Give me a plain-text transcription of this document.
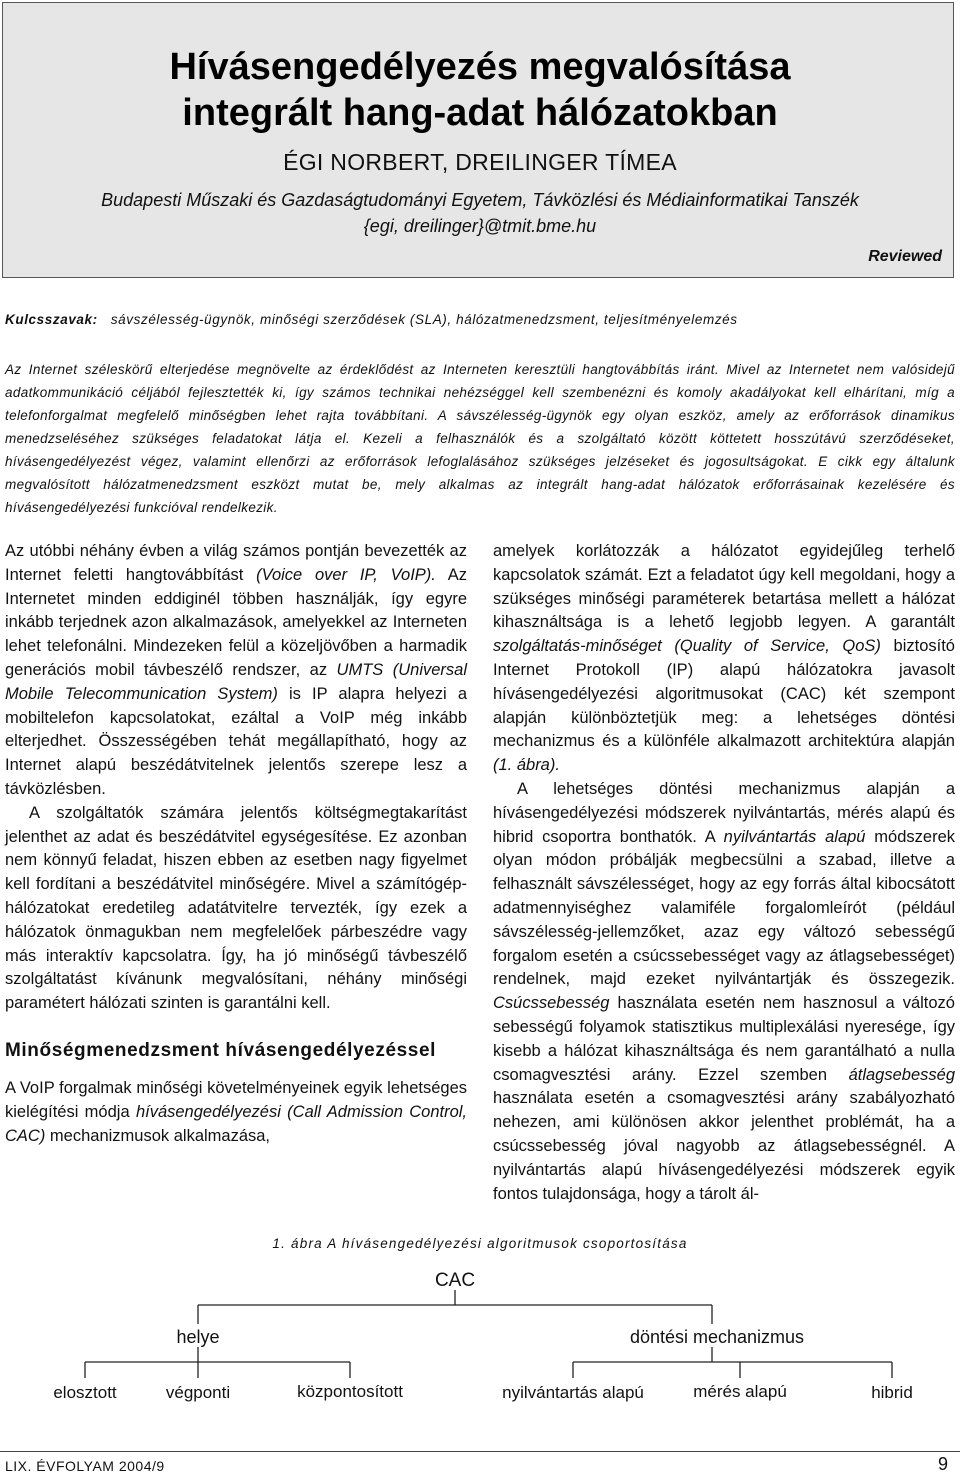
Hívásengedélyezés megvalósítása
integrált hang-adat hálózatokban
ÉGI NORBERT, DREILINGER TÍMEA
Budapesti Műszaki és Gazdaságtudományi Egyetem, Távközlési és Médiainformatikai Tanszék
{egi, dreilinger}@tmit.bme.hu
Reviewed
Kulcsszavak: sávszélesség-ügynök, minőségi szerződések (SLA), hálózatmenedzsment, teljesítményelemzés
Az Internet széleskörű elterjedése megnövelte az érdeklődést az Interneten keresztüli hangtovábbítás iránt. Mivel az Internetet nem valósidejű adatkommunikáció céljából fejlesztették ki, így számos technikai nehézséggel kell szembenézni és komoly akadályokat kell elhárítani, míg a telefonforgalmat megfelelő minőségben lehet rajta továbbítani. A sávszélesség-ügynök egy olyan eszköz, amely az erőforrások dinamikus menedzseléséhez szükséges feladatokat látja el. Kezeli a felhasználók és a szolgáltató között köttetett hosszútávú szerződéseket, hívásengedélyezést végez, valamint ellenőrzi az erőforrások lefoglalásához szükséges jelzéseket és jogosultságokat. E cikk egy általunk megvalósított hálózatmenedzsment eszközt mutat be, mely alkalmas az integrált hang-adat hálózatok erőforrásainak kezelésére és hívásengedélyezési funkcióval rendelkezik.

Az utóbbi néhány évben a világ számos pontján bevezették az Internet feletti hangtovábbítást (Voice over IP, VoIP). Az Internetet minden eddiginél többen használják, így egyre inkább terjednek azon alkalmazások, amelyekkel az Interneten lehet telefonálni. Mindezeken felül a közeljövőben a harmadik generációs mobil távbeszélő rendszer, az UMTS (Universal Mobile Telecommunication System) is IP alapra helyezi a mobiltelefon kapcsolatokat, ezáltal a VoIP még inkább elterjedhet. Összességében tehát megállapítható, hogy az Internet alapú beszédátvitelnek jelentős szerepe lesz a távközlésben.

A szolgáltatók számára jelentős költségmegtakarítást jelenthet az adat és beszédátvitel egységesítése. Ez azonban nem könnyű feladat, hiszen ebben az esetben nagy figyelmet kell fordítani a beszédátvitel minőségére. Mivel a számítógép-hálózatokat eredetileg adatátvitelre tervezték, így ezek a hálózatok önmagukban nem megfelelőek párbeszédre vagy más interaktív kapcsolatra. Így, ha jó minőségű távbeszélő szolgáltatást kívánunk megvalósítani, néhány minőségi paramétert hálózati szinten is garantálni kell.

Minőségmenedzsment hívásengedélyezéssel

A VoIP forgalmak minőségi követelményeinek egyik lehetséges kielégítési módja hívásengedélyezési (Call Admission Control, CAC) mechanizmusok alkalmazása,

amelyek korlátozzák a hálózatot egyidejűleg terhelő kapcsolatok számát. Ezt a feladatot úgy kell megoldani, hogy a szükséges minőségi paraméterek betartása mellett a hálózat kihasználtsága is a lehető legjobb legyen. A garantált szolgáltatás-minőséget (Quality of Service, QoS) biztosító Internet Protokoll (IP) alapú hálózatokra javasolt hívásengedélyezési algoritmusokat (CAC) két szempont alapján különböztetjük meg: a lehetséges döntési mechanizmus és a különféle alkalmazott architektúra alapján (1. ábra).

A lehetséges döntési mechanizmus alapján a hívásengedélyezési módszerek nyilvántartás, mérés alapú és hibrid csoportra bonthatók. A nyilvántartás alapú módszerek olyan módon próbálják megbecsülni a szabad, illetve a felhasznált sávszélességet, hogy az egy forrás által kibocsátott adatmennyiséghez valamiféle forgalomleírót (például sávszélesség-jellemzőket, azaz egy változó sebességű forgalom esetén a csúcssebességet vagy az átlagsebességet) rendelnek, majd ezeket nyilvántartják és összegezik. Csúcssebesség használata esetén nem hasznosul a változó sebességű folyamok statisztikus multiplexálási nyeresége, így kisebb a hálózat kihasználtsága és nem garantálható a nulla csomagvesztési arány. Ezzel szemben átlagsebesség használata esetén a csomagvesztési arány szabályozható nehezen, ami különösen akkor jelenthet problémát, ha a csúcssebesség jóval nagyobb az átlagsebességnél. A nyilvántartás alapú hívásengedélyezési módszerek egyik fontos tulajdonsága, hogy a tárolt ál-

1. ábra A hívásengedélyezési algoritmusok csoportosítása
CAC
helye	döntési mechanizmus
elosztott	végponti	központosított	nyilvántartás alapú	mérés alapú	hibrid
LIX. ÉVFOLYAM 2004/9	9
